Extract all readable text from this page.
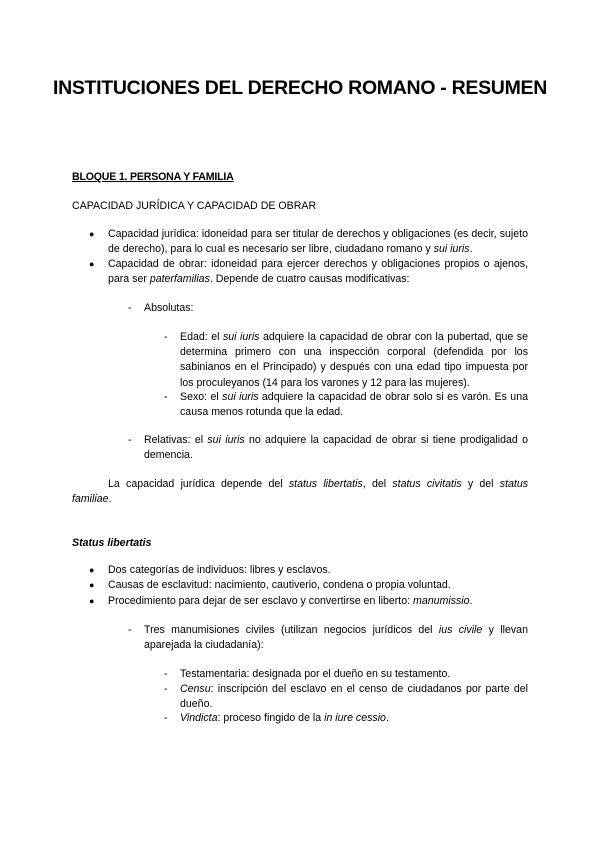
INSTITUCIONES DEL DERECHO ROMANO - RESUMEN
BLOQUE 1. PERSONA Y FAMILIA
CAPACIDAD JURÍDICA Y CAPACIDAD DE OBRAR
● Capacidad jurídica: idoneidad para ser titular de derechos y obligaciones (es decir, sujeto de derecho), para lo cual es necesario ser libre, ciudadano romano y sui iuris.
● Capacidad de obrar: idoneidad para ejercer derechos y obligaciones propios o ajenos, para ser paterfamilias. Depende de cuatro causas modificativas:
- Absolutas:
- Edad: el sui iuris adquiere la capacidad de obrar con la pubertad, que se determina primero con una inspección corporal (defendida por los sabinianos en el Principado) y después con una edad tipo impuesta por los proculeyanos (14 para los varones y 12 para las mujeres).
- Sexo: el sui iuris adquiere la capacidad de obrar solo si es varón. Es una causa menos rotunda que la edad.
- Relativas: el sui iuris no adquiere la capacidad de obrar si tiene prodigalidad o demencia.
La capacidad jurídica depende del status libertatis, del status civitatis y del status familiae.
Status libertatis
● Dos categorías de individuos: libres y esclavos.
● Causas de esclavitud: nacimiento, cautiverio, condena o propia voluntad.
● Procedimiento para dejar de ser esclavo y convertirse en liberto: manumissio.
- Tres manumisiones civiles (utilizan negocios jurídicos del ius civile y llevan aparejada la ciudadanía):
- Testamentaria: designada por el dueño en su testamento.
- Censu: inscripción del esclavo en el censo de ciudadanos por parte del dueño.
- Vindicta: proceso fingido de la in iure cessio.
